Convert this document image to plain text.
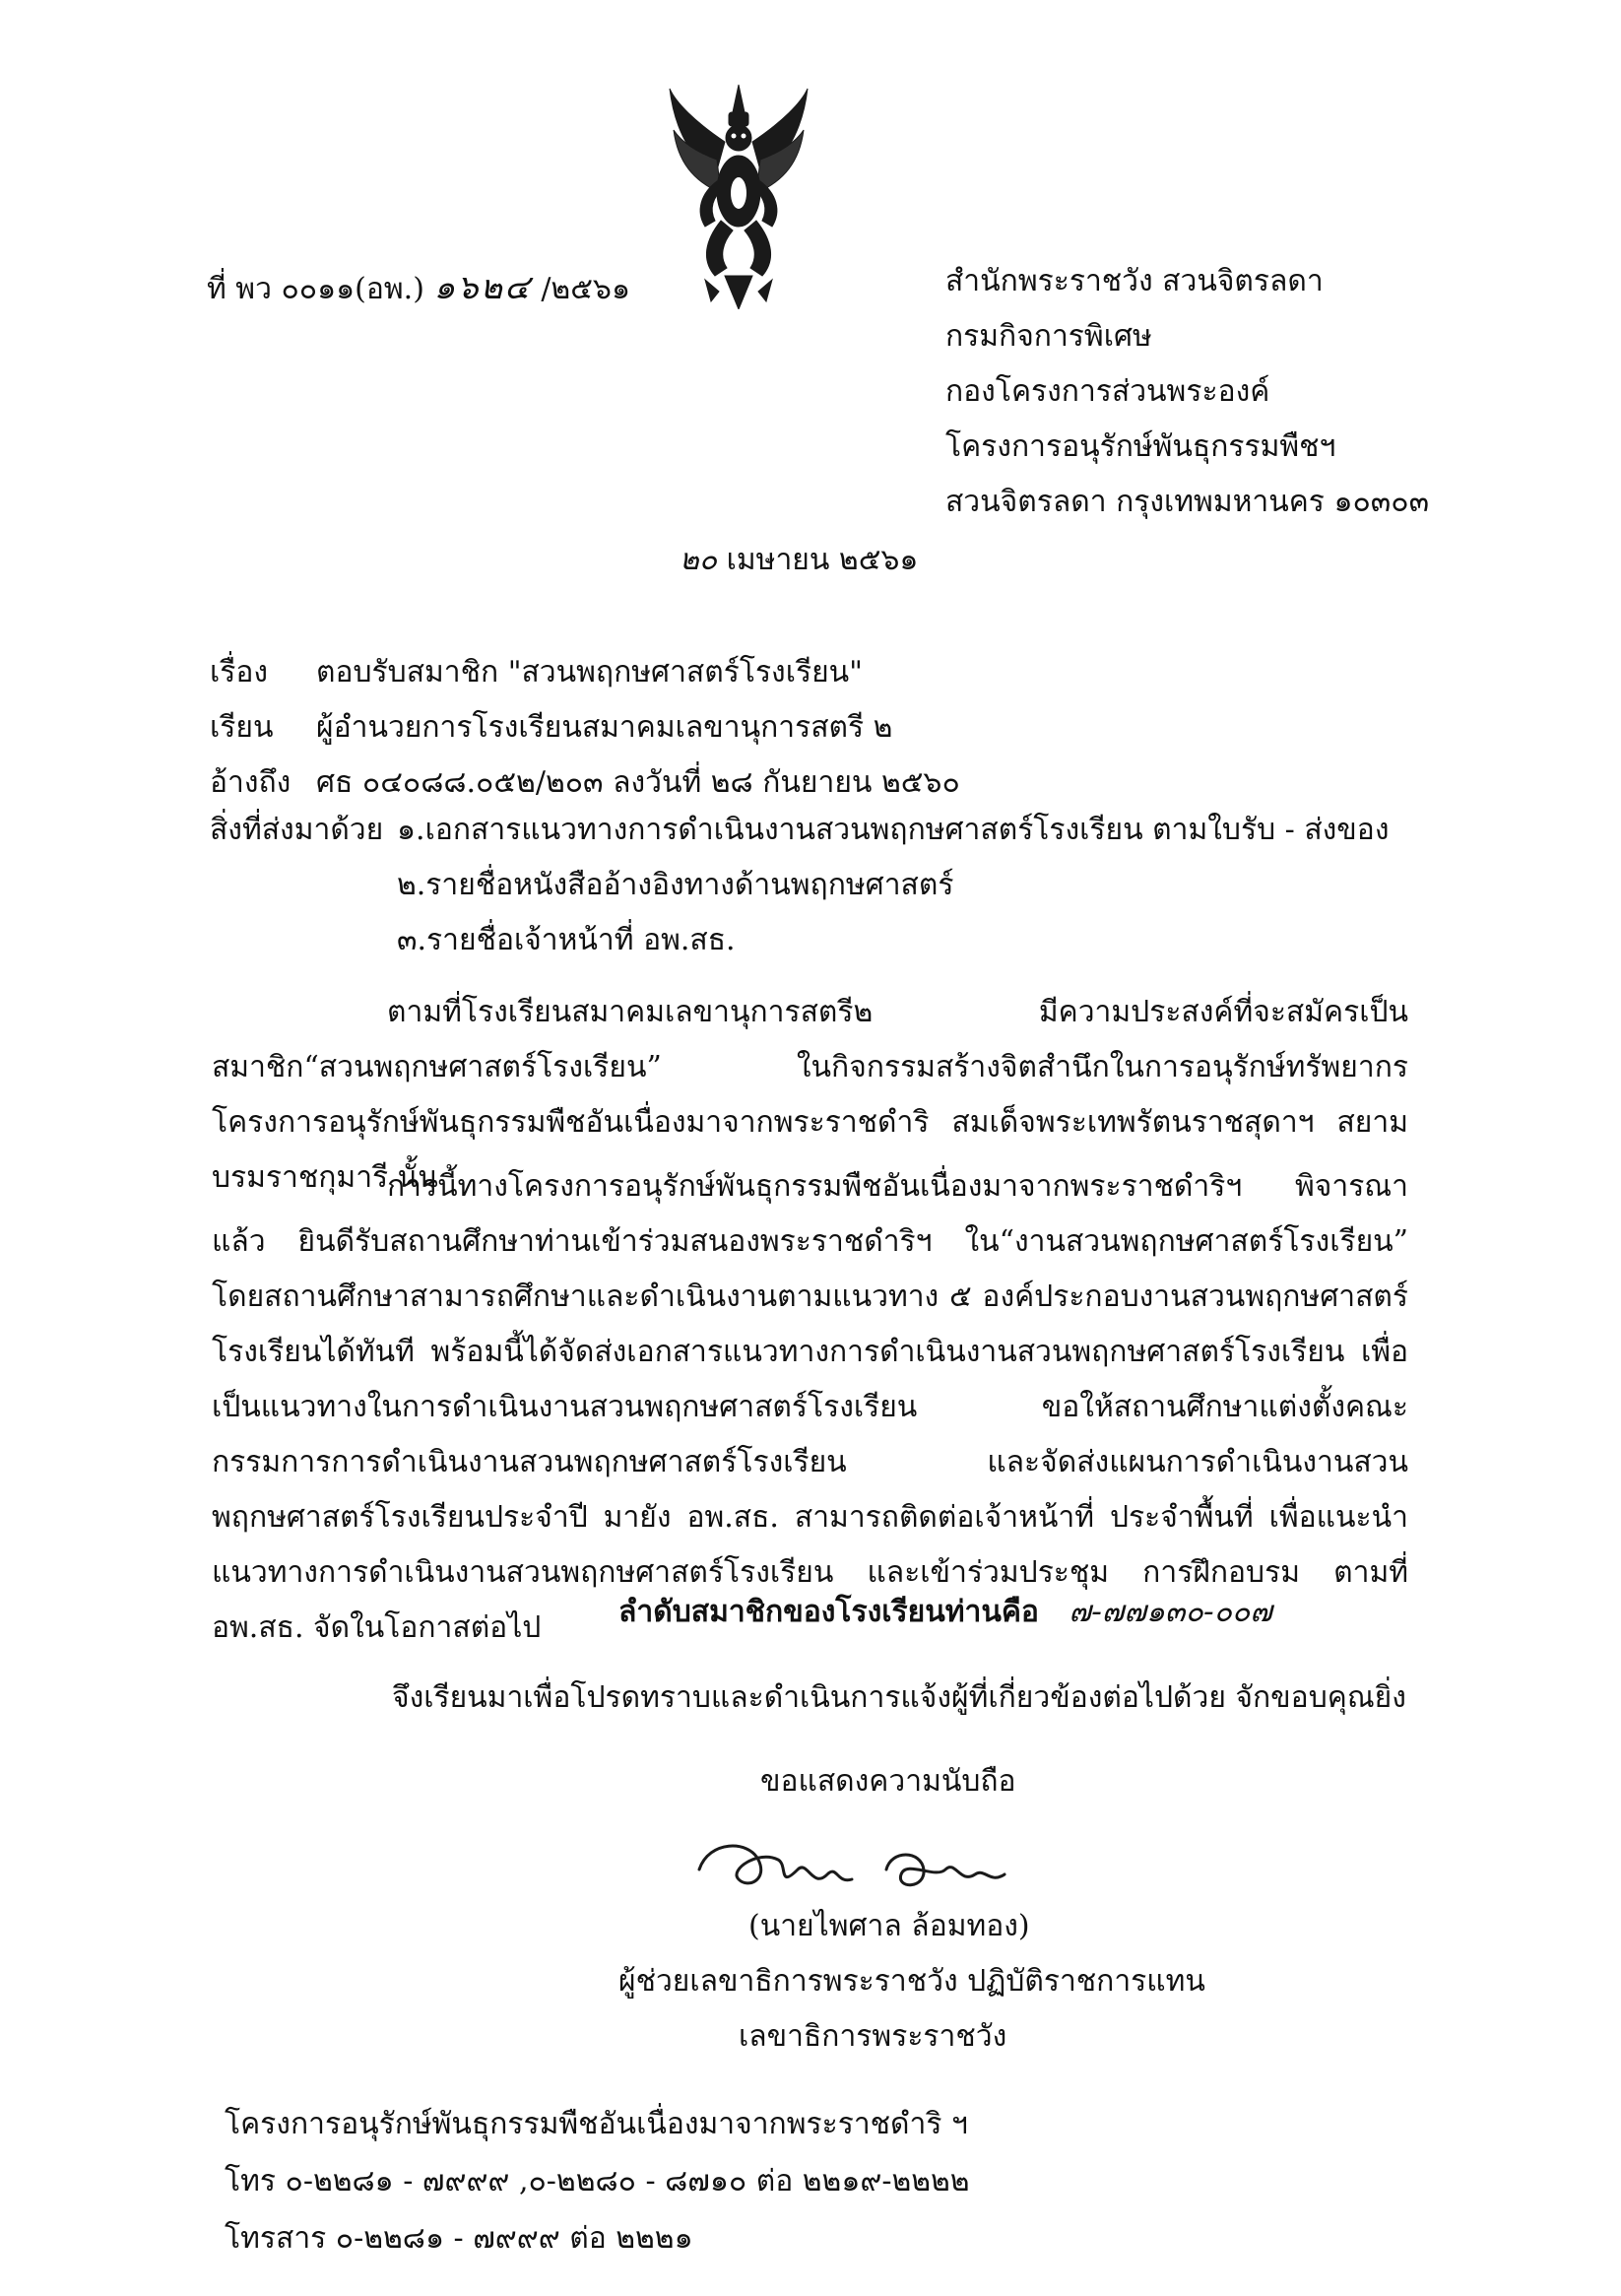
ที่ พว ๐๐๑๑(อพ.) ๑๖๒๔ /๒๕๖๑	สำนักพระราชวัง สวนจิตรลดา
กรมกิจการพิเศษ
กองโครงการส่วนพระองค์
โครงการอนุรักษ์พันธุกรรมพืชฯ
สวนจิตรลดา กรุงเทพมหานคร ๑๐๓๐๓
๒๐ เมษายน ๒๕๖๑
เรื่อง	ตอบรับสมาชิก "สวนพฤกษศาสตร์โรงเรียน"
เรียน	ผู้อำนวยการโรงเรียนสมาคมเลขานุการสตรี ๒
อ้างถึง ศธ ๐๔๐๘๘.๐๕๒/๒๐๓ ลงวันที่ ๒๘ กันยายน ๒๕๖๐
สิ่งที่ส่งมาด้วย ๑.เอกสารแนวทางการดำเนินงานสวนพฤกษศาสตร์โรงเรียน ตามใบรับ - ส่งของ
๒.รายชื่อหนังสืออ้างอิงทางด้านพฤกษศาสตร์
๓.รายชื่อเจ้าหน้าที่ อพ.สธ.
ตามที่โรงเรียนสมาคมเลขานุการสตรี๒ มีความประสงค์ที่จะสมัครเป็นสมาชิก“สวนพฤกษศาสตร์โรงเรียน” ในกิจกรรมสร้างจิตสำนึกในการอนุรักษ์ทรัพยากร โครงการอนุรักษ์พันธุกรรมพืชอันเนื่องมาจากพระราชดำริ สมเด็จพระเทพรัตนราชสุดาฯ สยามบรมราชกุมารี นั้น
การนี้ทางโครงการอนุรักษ์พันธุกรรมพืชอันเนื่องมาจากพระราชดำริฯ พิจารณาแล้ว ยินดีรับสถานศึกษาท่านเข้าร่วมสนองพระราชดำริฯ ใน“งานสวนพฤกษศาสตร์โรงเรียน” โดยสถานศึกษาสามารถศึกษาและดำเนินงานตามแนวทาง ๕ องค์ประกอบงานสวนพฤกษศาสตร์โรงเรียนได้ทันที พร้อมนี้ได้จัดส่งเอกสารแนวทางการดำเนินงานสวนพฤกษศาสตร์โรงเรียน เพื่อเป็นแนวทางในการดำเนินงานสวนพฤกษศาสตร์โรงเรียน ขอให้สถานศึกษาแต่งตั้งคณะกรรมการการดำเนินงานสวนพฤกษศาสตร์โรงเรียน และจัดส่งแผนการดำเนินงานสวนพฤกษศาสตร์โรงเรียนประจำปี มายัง อพ.สธ. สามารถติดต่อเจ้าหน้าที่ ประจำพื้นที่ เพื่อแนะนำแนวทางการดำเนินงานสวนพฤกษศาสตร์โรงเรียน และเข้าร่วมประชุม การฝึกอบรม ตามที่ อพ.สธ. จัดในโอกาสต่อไป	ลำดับสมาชิกของโรงเรียนท่านคือ ๗-๗๗๑๓๐-๐๐๗
จึงเรียนมาเพื่อโปรดทราบและดำเนินการแจ้งผู้ที่เกี่ยวข้องต่อไปด้วย จักขอบคุณยิ่ง
ขอแสดงความนับถือ
(นายไพศาล ล้อมทอง)
ผู้ช่วยเลขาธิการพระราชวัง ปฏิบัติราชการแทน
เลขาธิการพระราชวัง
โครงการอนุรักษ์พันธุกรรมพืชอันเนื่องมาจากพระราชดำริ ฯ
โทร ๐-๒๒๘๑ - ๗๙๙๙ ,๐-๒๒๘๐ - ๘๗๑๐ ต่อ ๒๒๑๙-๒๒๒๒
โทรสาร ๐-๒๒๘๑ - ๗๙๙๙ ต่อ ๒๒๒๑
